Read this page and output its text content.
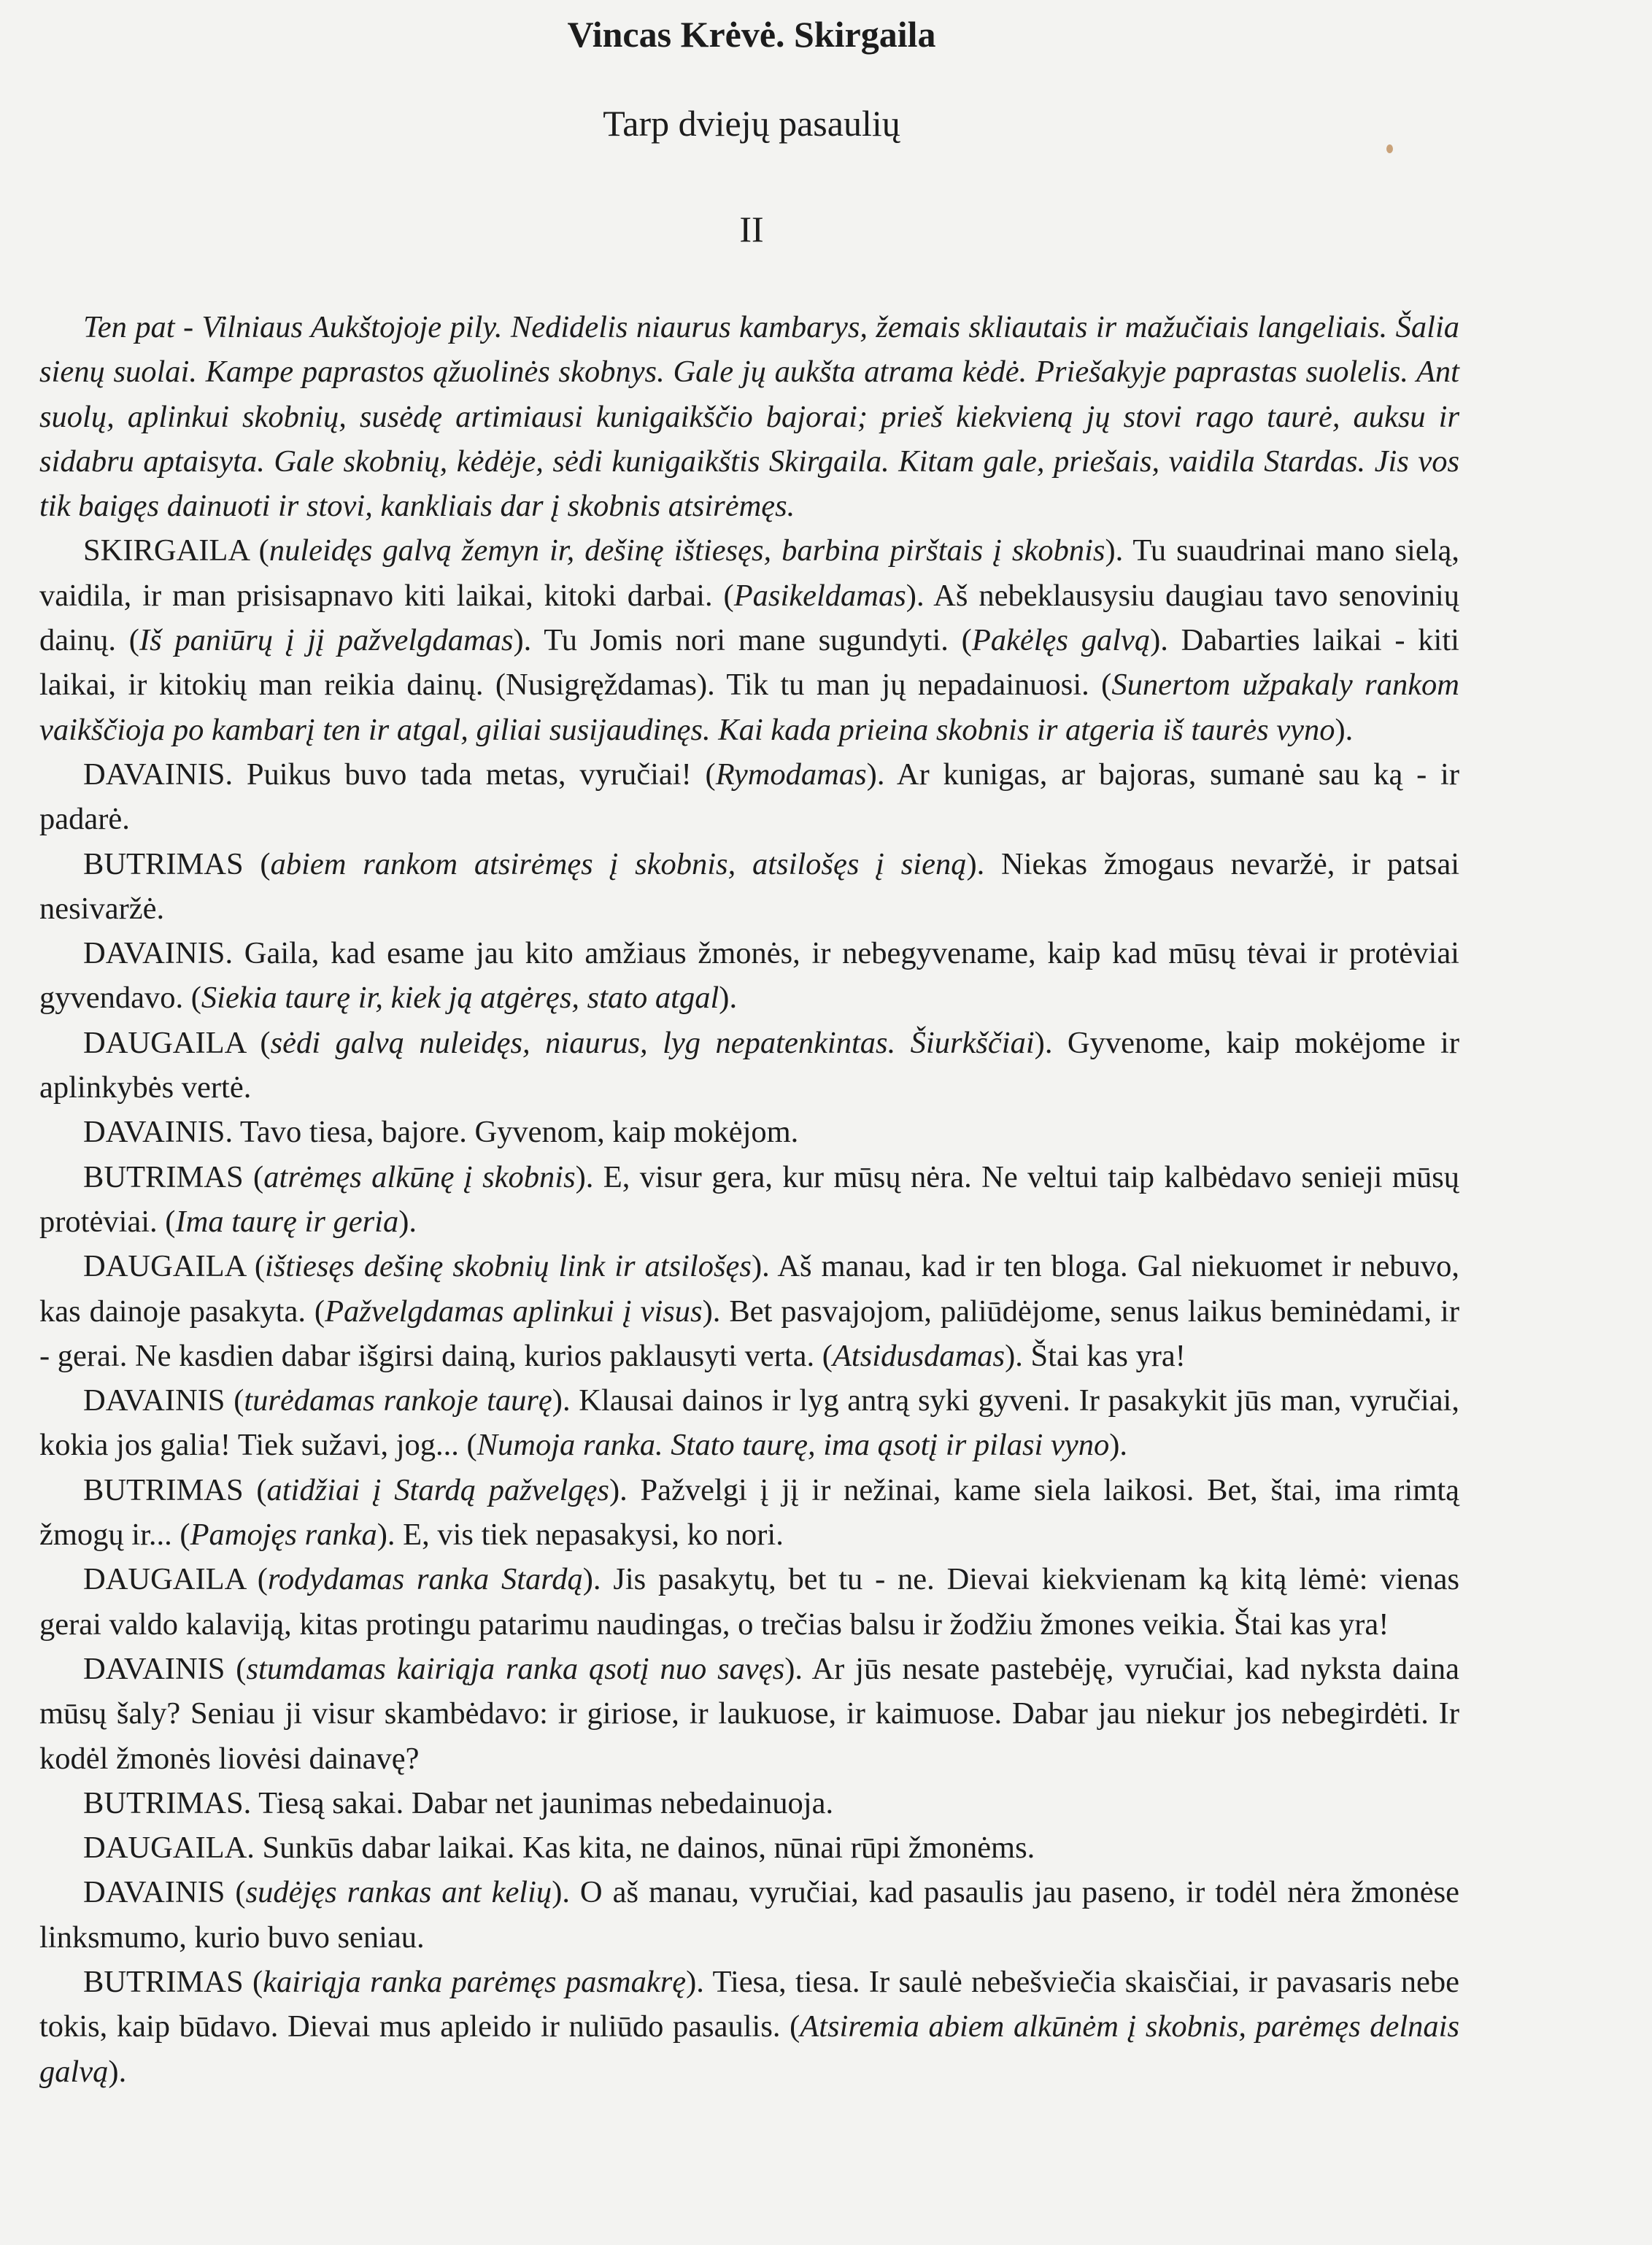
Vincas Krėvė. Skirgaila
Tarp dviejų pasaulių
II

Ten pat - Vilniaus Aukštojoje pily. Nedidelis niaurus kambarys, žemais skliautais ir mažučiais langeliais. Šalia sienų suolai. Kampe paprastos ąžuolinės skobnys. Gale jų aukšta atrama kėdė. Priešakyje paprastas suolelis. Ant suolų, aplinkui skobnių, susėdę artimiausi kunigaikščio bajorai; prieš kiekvieną jų stovi rago taurė, auksu ir sidabru aptaisyta. Gale skobnių, kėdėje, sėdi kunigaikštis Skirgaila. Kitam gale, priešais, vaidila Stardas. Jis vos tik baigęs dainuoti ir stovi, kankliais dar į skobnis atsirėmęs.

SKIRGAILA (nuleidęs galvą žemyn ir, dešinę ištiesęs, barbina pirštais į skobnis). Tu suaudrinai mano sielą, vaidila, ir man prisisapnavo kiti laikai, kitoki darbai. (Pasikeldamas). Aš nebeklausysiu daugiau tavo senovinių dainų. (Iš paniūrų į jį pažvelgdamas). Tu Jomis nori mane sugundyti. (Pakėlęs galvą). Dabarties laikai - kiti laikai, ir kitokių man reikia dainų. (Nusigręždamas). Tik tu man jų nepadainuosi. (Sunertom užpakaly rankom vaikščioja po kambarį ten ir atgal, giliai susijaudinęs. Kai kada prieina skobnis ir atgeria iš taurės vyno).

DAVAINIS. Puikus buvo tada metas, vyručiai! (Rymodamas). Ar kunigas, ar bajoras, sumanė sau ką - ir padarė.

BUTRIMAS (abiem rankom atsirėmęs į skobnis, atsilošęs į sieną). Niekas žmogaus nevaržė, ir patsai nesivaržė.

DAVAINIS. Gaila, kad esame jau kito amžiaus žmonės, ir nebegyvename, kaip kad mūsų tėvai ir protėviai gyvendavo. (Siekia taurę ir, kiek ją atgėręs, stato atgal).

DAUGAILA (sėdi galvą nuleidęs, niaurus, lyg nepatenkintas. Šiurkščiai). Gyvenome, kaip mokėjome ir aplinkybės vertė.

DAVAINIS. Tavo tiesa, bajore. Gyvenom, kaip mokėjom.

BUTRIMAS (atrėmęs alkūnę į skobnis). E, visur gera, kur mūsų nėra. Ne veltui taip kalbėdavo senieji mūsų protėviai. (Ima taurę ir geria).

DAUGAILA (ištiesęs dešinę skobnių link ir atsilošęs). Aš manau, kad ir ten bloga. Gal niekuomet ir nebuvo, kas dainoje pasakyta. (Pažvelgdamas aplinkui į visus). Bet pasvajojom, paliūdėjome, senus laikus beminėdami, ir - gerai. Ne kasdien dabar išgirsi dainą, kurios paklausyti verta. (Atsidusdamas). Štai kas yra!

DAVAINIS (turėdamas rankoje taurę). Klausai dainos ir lyg antrą syki gyveni. Ir pasakykit jūs man, vyručiai, kokia jos galia! Tiek sužavi, jog... (Numoja ranka. Stato taurę, ima ąsotį ir pilasi vyno).

BUTRIMAS (atidžiai į Stardą pažvelgęs). Pažvelgi į jį ir nežinai, kame siela laikosi. Bet, štai, ima rimtą žmogų ir... (Pamojęs ranka). E, vis tiek nepasakysi, ko nori.

DAUGAILA (rodydamas ranka Stardą). Jis pasakytų, bet tu - ne. Dievai kiekvienam ką kitą lėmė: vienas gerai valdo kalaviją, kitas protingu patarimu naudingas, o trečias balsu ir žodžiu žmones veikia. Štai kas yra!

DAVAINIS (stumdamas kairiąja ranka ąsotį nuo savęs). Ar jūs nesate pastebėję, vyručiai, kad nyksta daina mūsų šaly? Seniau ji visur skambėdavo: ir giriose, ir laukuose, ir kaimuose. Dabar jau niekur jos nebegirdėti. Ir kodėl žmonės liovėsi dainavę?

BUTRIMAS. Tiesą sakai. Dabar net jaunimas nebedainuoja.

DAUGAILA. Sunkūs dabar laikai. Kas kita, ne dainos, nūnai rūpi žmonėms.

DAVAINIS (sudėjęs rankas ant kelių). O aš manau, vyručiai, kad pasaulis jau paseno, ir todėl nėra žmonėse linksmumo, kurio buvo seniau.

BUTRIMAS (kairiąja ranka parėmęs pasmakrę). Tiesa, tiesa. Ir saulė nebešviečia skaisčiai, ir pavasaris nebe tokis, kaip būdavo. Dievai mus apleido ir nuliūdo pasaulis. (Atsiremia abiem alkūnėm į skobnis, parėmęs delnais galvą).
